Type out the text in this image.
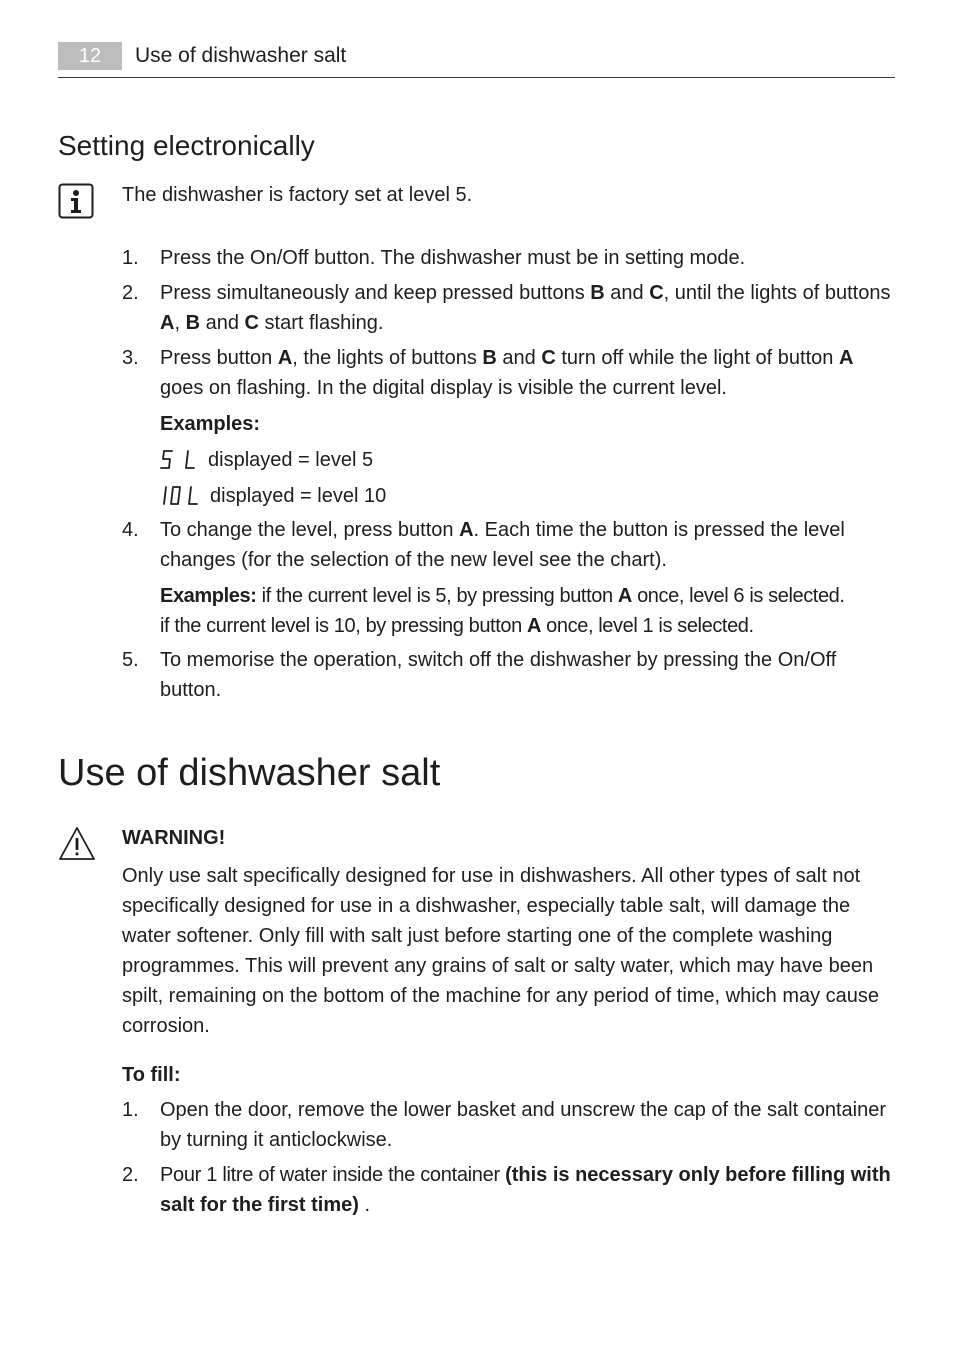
12	Use of dishwasher salt
Setting electronically

The dishwasher is factory set at level 5.

1.	Press the On/Off button. The dishwasher must be in setting mode.
2.	Press simultaneously and keep pressed buttons B and C, until the lights of buttons A, B and C start flashing.
3.	Press button A, the lights of buttons B and C turn off while the light of button A goes on flashing. In the digital display is visible the current level.
Examples:
displayed = level 5
displayed = level 10
4.	To change the level, press button A. Each time the button is pressed the level changes (for the selection of the new level see the chart).
Examples: if the current level is 5, by pressing button A once, level 6 is selected.
if the current level is 10, by pressing button A once, level 1 is selected.
5.	To memorise the operation, switch off the dishwasher by pressing the On/Off button.
Use of dishwasher salt

WARNING!

Only use salt specifically designed for use in dishwashers. All other types of salt not specifically designed for use in a dishwasher, especially table salt, will damage the water softener. Only fill with salt just before starting one of the complete washing programmes. This will prevent any grains of salt or salty water, which may have been spilt, remaining on the bottom of the machine for any period of time, which may cause corrosion.

To fill:

1.	Open the door, remove the lower basket and unscrew the cap of the salt container by turning it anticlockwise.
2.	Pour 1 litre of water inside the container (this is necessary only before filling with salt for the first time) .
